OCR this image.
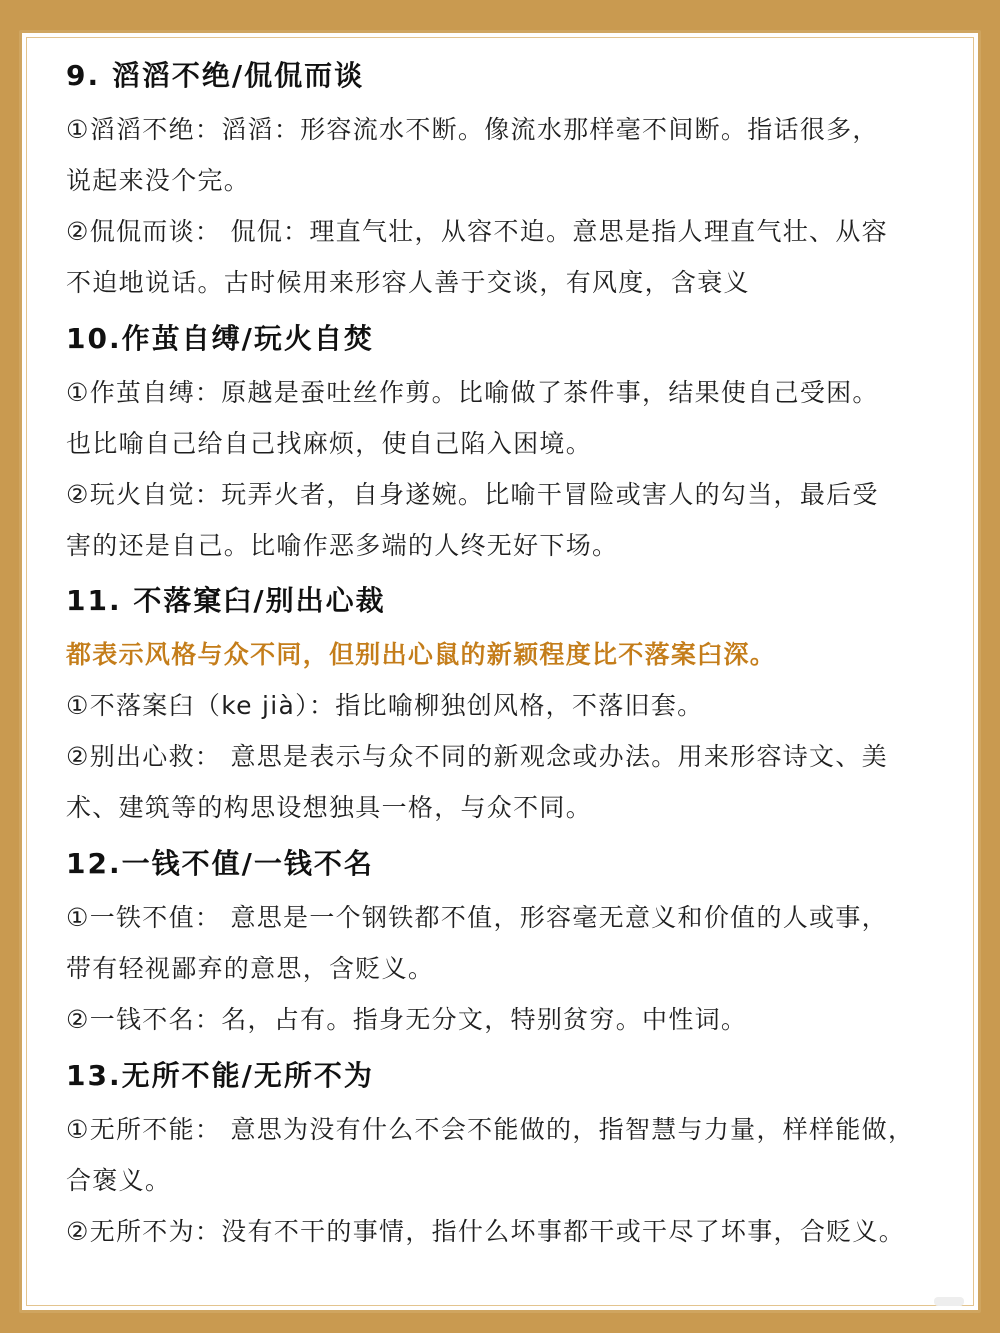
9. 滔滔不绝/侃侃而谈
①滔滔不绝：滔滔：形容流水不断。像流水那样毫不间断。指话很多，
说起来没个完。
②侃侃而谈： 侃侃：理直气壮，从容不迫。意思是指人理直气壮、从容
不迫地说话。古时候用来形容人善于交谈，有风度，含衰义
10.作茧自缚/玩火自焚
①作茧自缚：原越是蚕吐丝作剪。比喻做了茶件事，结果使自己受困。
也比喻自己给自己找麻烦，使自己陷入困境。
②玩火自觉：玩弄火者，自身遂婉。比喻干冒险或害人的勾当，最后受
害的还是自己。比喻作恶多端的人终无好下场。
11. 不落窠臼/别出心裁
都表示风格与众不同，但别出心鼠的新颖程度比不落案臼深。
①不落案臼（ke jià）：指比喻柳独创风格，不落旧套。
②别出心救： 意思是表示与众不同的新观念或办法。用来形容诗文、美
术、建筑等的构思设想独具一格，与众不同。
12.一钱不值/一钱不名
①一铁不值： 意思是一个钢铁都不值，形容毫无意义和价值的人或事，
带有轻视鄙弃的意思，含贬义。
②一钱不名：名，占有。指身无分文，特别贫穷。中性词。
13.无所不能/无所不为
①无所不能： 意思为没有什么不会不能做的，指智慧与力量，样样能做，
合褒义。
②无所不为：没有不干的事情，指什么坏事都干或干尽了坏事，合贬义。
